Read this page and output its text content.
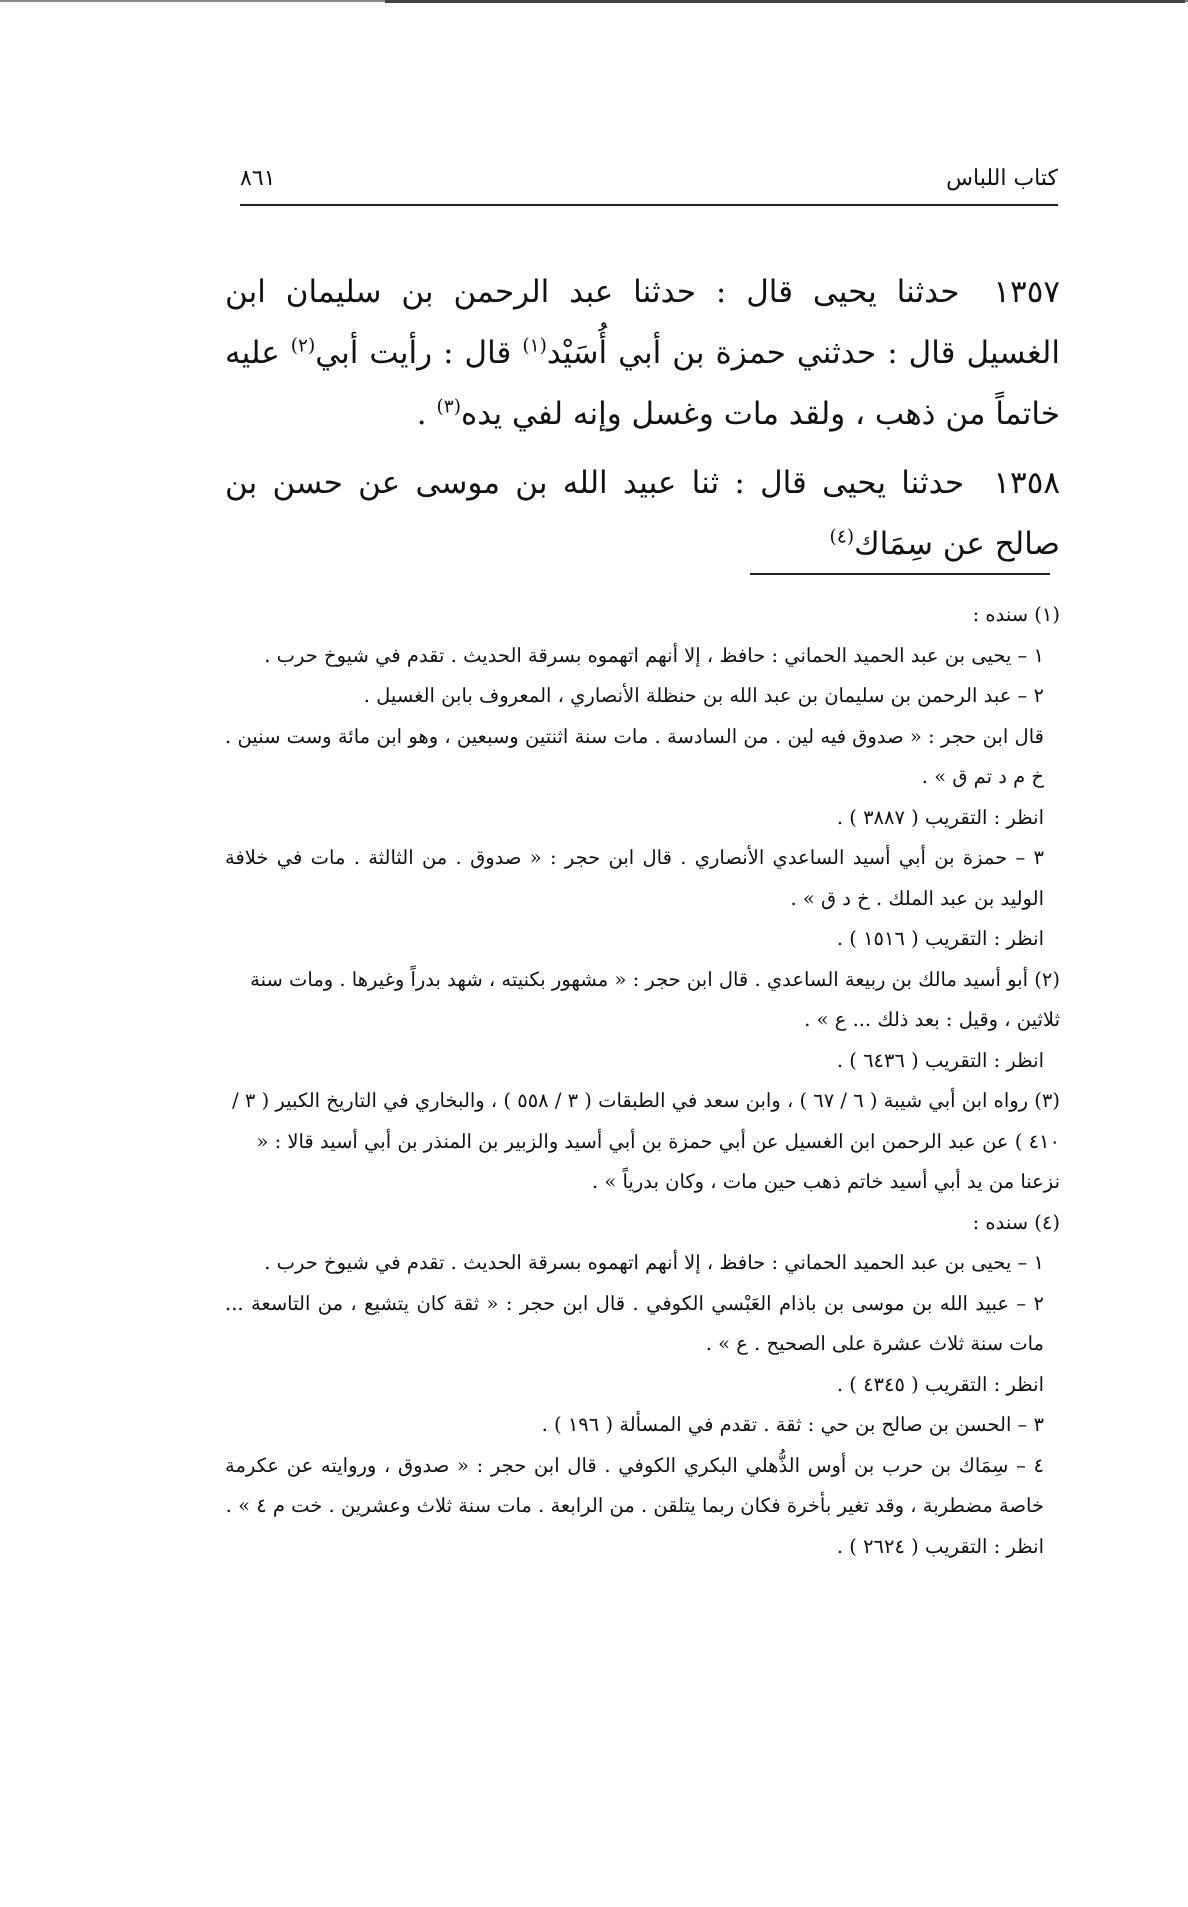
كتاب اللباس
٨٦١

١٣٥٧ حدثنا يحيى قال : حدثنا عبد الرحمن بن سليمان ابن الغسيل قال : حدثني حمزة بن أبي أُسَيْد$^{(١)}$ قال : رأيت أبي$^{(٢)}$ عليه خاتماً من ذهب ، ولقد مات وغسل وإنه لفي يده$^{(٣)}$ .

١٣٥٨ حدثنا يحيى قال : ثنا عبيد الله بن موسى عن حسن بن صالح عن سِمَاك$^{(٤)}$

(١) سنده :

١ – يحيى بن عبد الحميد الحماني : حافظ ، إلا أنهم اتهموه بسرقة الحديث . تقدم في شيوخ حرب .

٢ – عبد الرحمن بن سليمان بن عبد الله بن حنظلة الأنصاري ، المعروف بابن الغسيل .

قال ابن حجر : « صدوق فيه لين . من السادسة . مات سنة اثنتين وسبعين ، وهو ابن مائة وست سنين . خ م د تم ق » .

انظر : التقريب ( ٣٨٨٧ ) .

٣ – حمزة بن أبي أسيد الساعدي الأنصاري . قال ابن حجر : « صدوق . من الثالثة . مات في خلافة الوليد بن عبد الملك . خ د ق » .

انظر : التقريب ( ١٥١٦ ) .

(٢) أبو أسيد مالك بن ربيعة الساعدي . قال ابن حجر : « مشهور بكنيته ، شهد بدراً وغيرها . ومات سنة ثلاثين ، وقيل : بعد ذلك ... ع » .

انظر : التقريب ( ٦٤٣٦ ) .

(٣) رواه ابن أبي شيبة ( ٦ / ٦٧ ) ، وابن سعد في الطبقات ( ٣ / ٥٥٨ ) ، والبخاري في التاريخ الكبير ( ٣ / ٤١٠ ) عن عبد الرحمن ابن الغسيل عن أبي حمزة بن أبي أسيد والزبير بن المنذر بن أبي أسيد قالا : « نزعنا من يد أبي أسيد خاتم ذهب حين مات ، وكان بدرياً » .

(٤) سنده :

١ – يحيى بن عبد الحميد الحماني : حافظ ، إلا أنهم اتهموه بسرقة الحديث . تقدم في شيوخ حرب .

٢ – عبيد الله بن موسى بن باذام العَبْسي الكوفي . قال ابن حجر : « ثقة كان يتشيع ، من التاسعة ... مات سنة ثلاث عشرة على الصحيح . ع » .

انظر : التقريب ( ٤٣٤٥ ) .

٣ – الحسن بن صالح بن حي : ثقة . تقدم في المسألة ( ١٩٦ ) .

٤ – سِمَاك بن حرب بن أوس الذُّهلي البكري الكوفي . قال ابن حجر : « صدوق ، وروايته عن عكرمة خاصة مضطربة ، وقد تغير بأخرة فكان ربما يتلقن . من الرابعة . مات سنة ثلاث وعشرين . خت م ٤ » .

انظر : التقريب ( ٢٦٢٤ ) .
